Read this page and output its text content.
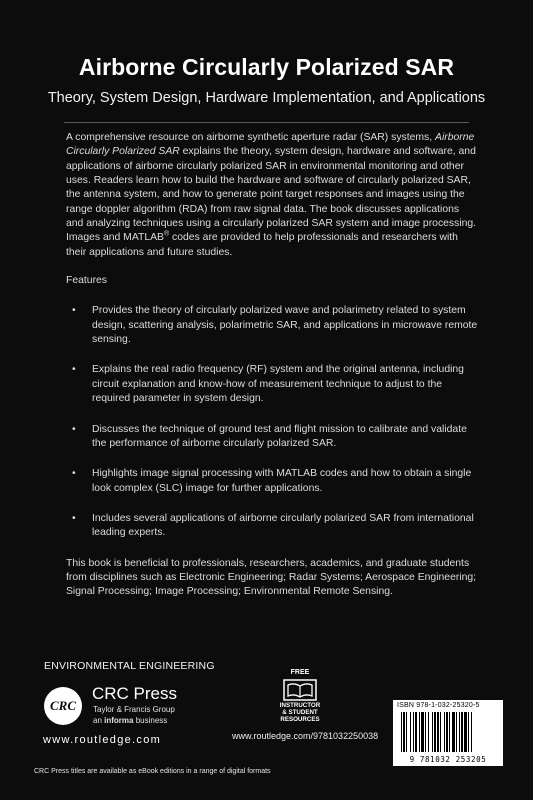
Airborne Circularly Polarized SAR
Theory, System Design, Hardware Implementation, and Applications

A comprehensive resource on airborne synthetic aperture radar (SAR) systems, Airborne Circularly Polarized SAR explains the theory, system design, hardware and software, and applications of airborne circularly polarized SAR in environmental monitoring and other uses. Readers learn how to build the hardware and software of circularly polarized SAR, the antenna system, and how to generate point target responses and images using the range doppler algorithm (RDA) from raw signal data. The book discusses applications and analyzing techniques using a circularly polarized SAR system and image processing. Images and MATLAB® codes are provided to help professionals and researchers with their applications and future studies.

Features

• Provides the theory of circularly polarized wave and polarimetry related to system design, scattering analysis, polarimetric SAR, and applications in microwave remote sensing.
• Explains the real radio frequency (RF) system and the original antenna, including circuit explanation and know-how of measurement technique to adjust to the required parameter in system design.
• Discusses the technique of ground test and flight mission to calibrate and validate the performance of airborne circularly polarized SAR.
• Highlights image signal processing with MATLAB codes and how to obtain a single look complex (SLC) image for further applications.
• Includes several applications of airborne circularly polarized SAR from international leading experts.

This book is beneficial to professionals, researchers, academics, and graduate students from disciplines such as Electronic Engineering; Radar Systems; Aerospace Engineering; Signal Processing; Image Processing; Environmental Remote Sensing.

ENVIRONMENTAL ENGINEERING
CRC
CRC Press
Taylor & Francis Group
an informa business
www.routledge.com
FREE
INSTRUCTOR
& STUDENT
RESOURCES
www.routledge.com/9781032250038
ISBN 978-1-032-25320-5
9 781032 253205
CRC Press titles are available as eBook editions in a range of digital formats
